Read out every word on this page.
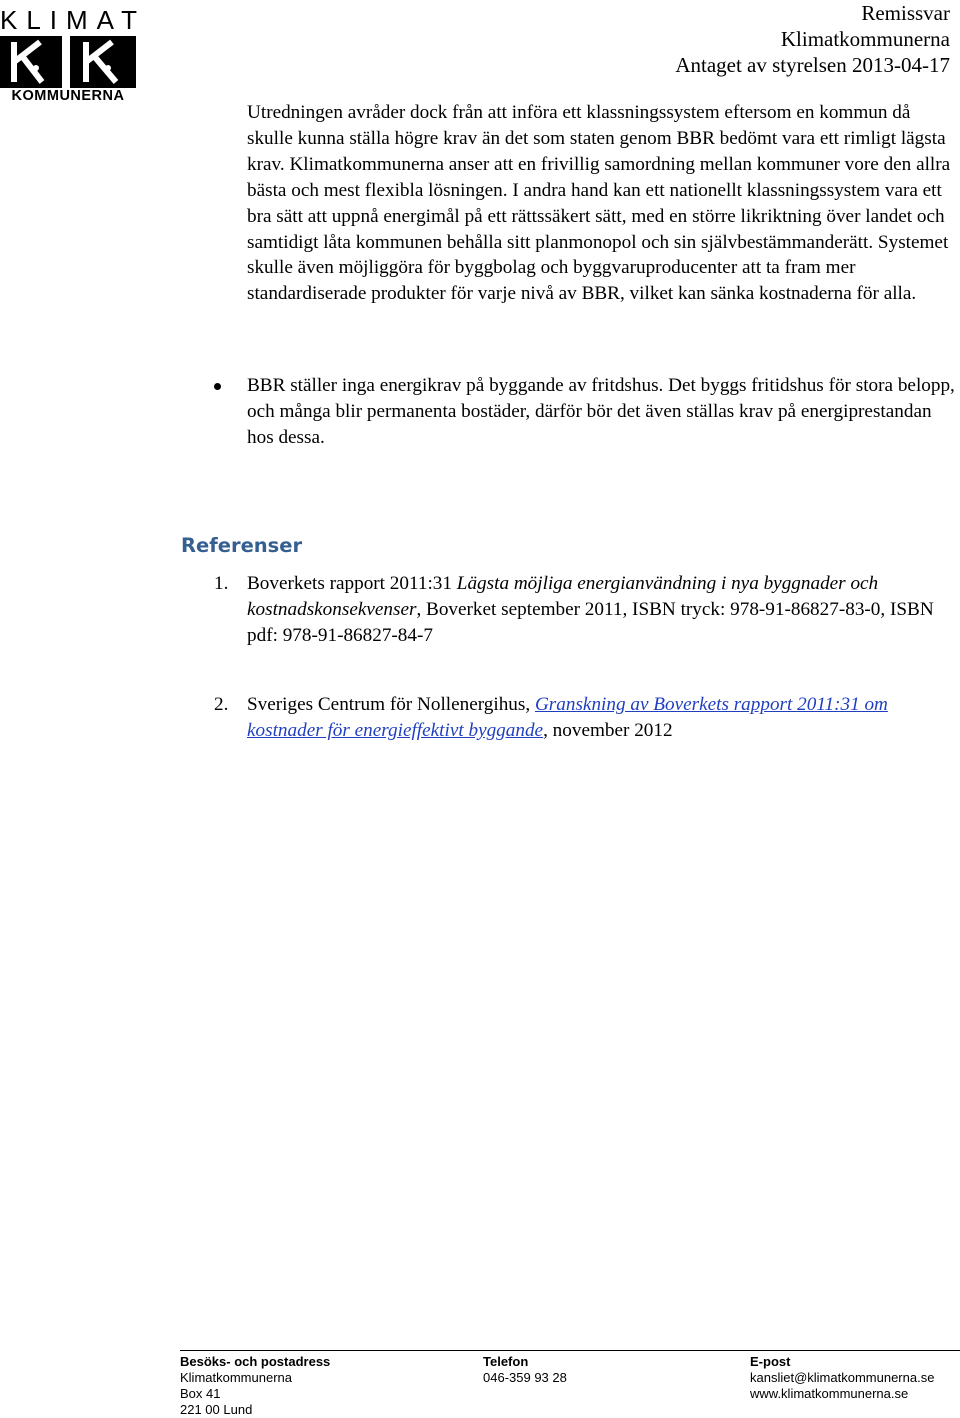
KLIMAT
KOMMUNERNA
Remissvar
Klimatkommunerna
Antaget av styrelsen 2013-04-17
Utredningen avråder dock från att införa ett klassningssystem eftersom en kommun då skulle kunna ställa högre krav än det som staten genom BBR bedömt vara ett rimligt lägsta krav. Klimatkommunerna anser att en frivillig samordning mellan kommuner vore den allra bästa och mest flexibla lösningen. I andra hand kan ett nationellt klassningssystem vara ett bra sätt att uppnå energimål på ett rättssäkert sätt, med en större likriktning över landet och samtidigt låta kommunen behålla sitt planmonopol och sin självbestämmanderätt. Systemet skulle även möjliggöra för byggbolag och byggvaruproducenter att ta fram mer standardiserade produkter för varje nivå av BBR, vilket kan sänka kostnaderna för alla.
BBR ställer inga energikrav på byggande av fritdshus. Det byggs fritidshus för stora belopp, och många blir permanenta bostäder, därför bör det även ställas krav på energiprestandan hos dessa.
Referenser
1. Boverkets rapport 2011:31 Lägsta möjliga energianvändning i nya byggnader och kostnadskonsekvenser, Boverket september 2011, ISBN tryck: 978-91-86827-83-0, ISBN pdf: 978-91-86827-84-7
2. Sveriges Centrum för Nollenergihus, Granskning av Boverkets rapport 2011:31 om kostnader för energieffektivt byggande, november 2012
Besöks- och postadress
Klimatkommunerna
Box 41
221 00 Lund
Telefon
046-359 93 28
E-post
kansliet@klimatkommunerna.se
www.klimatkommunerna.se
